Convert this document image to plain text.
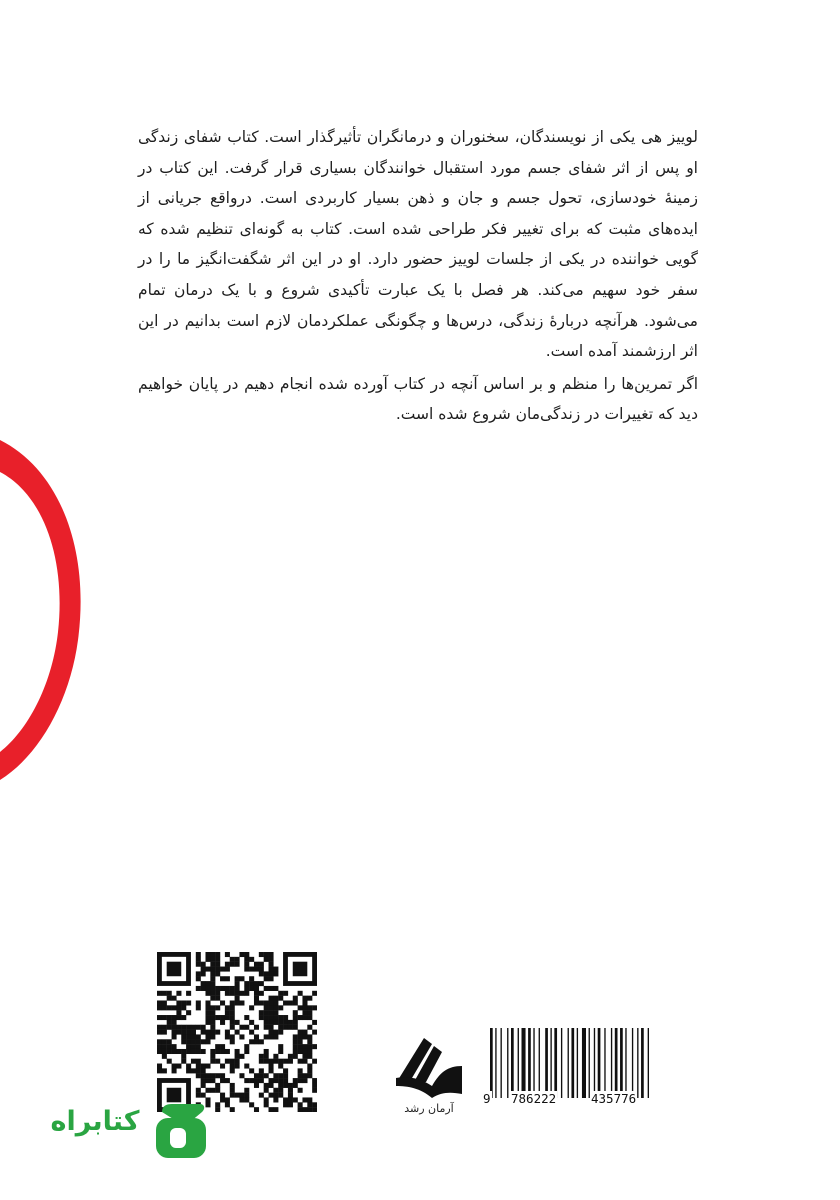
لوییز هی یکی از نویسندگان، سخنوران و درمانگران تأثیرگذار است. کتاب شفای زندگی او پس از اثر شفای جسم مورد استقبال خوانندگان بسیاری قرار گرفت. این کتاب در زمینهٔ خودسازی، تحول جسم و جان و ذهن بسیار کاربردی است. درواقع جریانی از ایده‌های مثبت که برای تغییر فکر طراحی شده است. کتاب به گونه‌ای تنظیم شده که گویی خواننده در یکی از جلسات لوییز حضور دارد. او در این اثر شگفت‌انگیز ما را در سفر خود سهیم می‌کند. هر فصل با یک عبارت تأکیدی شروع و با یک درمان تمام می‌شود. هرآنچه دربارهٔ زندگی، درس‌ها و چگونگی عملکردمان لازم است بدانیم در این اثر ارزشمند آمده است.

اگر تمرین‌ها را منظم و بر اساس آنچه در کتاب آورده شده انجام دهیم در پایان خواهیم دید که تغییرات در زندگی‌مان شروع شده است.

آرمان رشد
9 786222	435776
کتابراه
